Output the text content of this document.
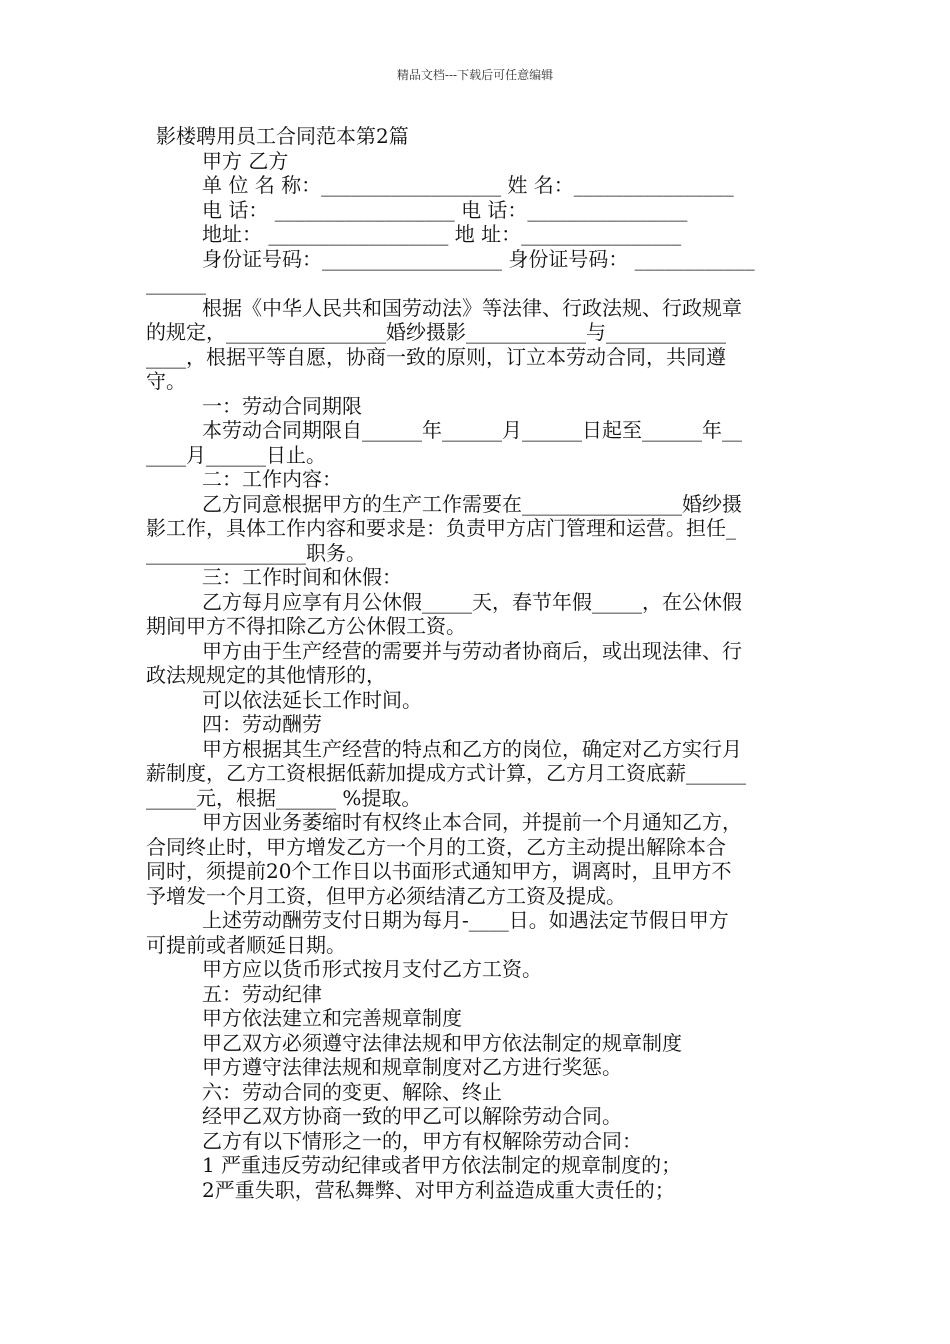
精品文档---下载后可任意编辑

影楼聘用员工合同范本第2篇

甲方 乙方

单 位 名 称：__________________ 姓 名：________________

电 话： __________________ 电 话：________________

地址： __________________ 地 址：________________

身份证号码：__________________ 身份证号码： ____________

______

根据《中华人民共和国劳动法》等法律、行政法规、行政规章

的规定，________________婚纱摄影____________与____________

____，根据平等自愿，协商一致的原则，订立本劳动合同，共同遵

守。

一：劳动合同期限

本劳动合同期限自______年______月______日起至______年__

____月______日止。

二：工作内容：

乙方同意根据甲方的生产工作需要在________________婚纱摄

影工作，具体工作内容和要求是：负责甲方店门管理和运营。担任_

________________职务。

三：工作时间和休假：

乙方每月应享有月公休假_____天，春节年假_____，在公休假

期间甲方不得扣除乙方公休假工资。

甲方由于生产经营的需要并与劳动者协商后，或出现法律、行

政法规规定的其他情形的，

可以依法延长工作时间。

四：劳动酬劳

甲方根据其生产经营的特点和乙方的岗位，确定对乙方实行月

薪制度，乙方工资根据低薪加提成方式计算，乙方月工资底薪______

_____元，根据______ %提取。

甲方因业务萎缩时有权终止本合同，并提前一个月通知乙方，

合同终止时，甲方增发乙方一个月的工资，乙方主动提出解除本合

同时，须提前20个工作日以书面形式通知甲方，调离时，且甲方不

予增发一个月工资，但甲方必须结清乙方工资及提成。

上述劳动酬劳支付日期为每月-____日。如遇法定节假日甲方

可提前或者顺延日期。

甲方应以货币形式按月支付乙方工资。

五：劳动纪律

甲方依法建立和完善规章制度

甲乙双方必须遵守法律法规和甲方依法制定的规章制度

甲方遵守法律法规和规章制度对乙方进行奖惩。

六：劳动合同的变更、解除、终止

经甲乙双方协商一致的甲乙可以解除劳动合同。

乙方有以下情形之一的，甲方有权解除劳动合同：

1 严重违反劳动纪律或者甲方依法制定的规章制度的；

2严重失职，营私舞弊、对甲方利益造成重大责任的；
